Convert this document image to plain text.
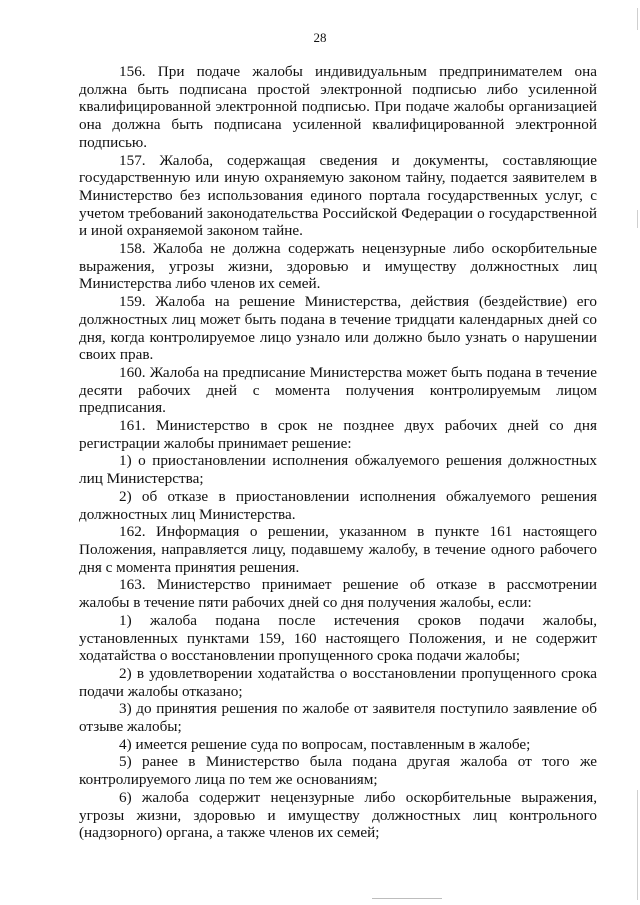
28

156. При подаче жалобы индивидуальным предпринимателем она должна быть подписана простой электронной подписью либо усиленной квалифицированной электронной подписью. При подаче жалобы организацией она должна быть подписана усиленной квалифицированной электронной подписью.

157. Жалоба, содержащая сведения и документы, составляющие государственную или иную охраняемую законом тайну, подается заявителем в Министерство без использования единого портала государственных услуг, с учетом требований законодательства Российской Федерации о государственной и иной охраняемой законом тайне.

158. Жалоба не должна содержать нецензурные либо оскорбительные выражения, угрозы жизни, здоровью и имуществу должностных лиц Министерства либо членов их семей.

159. Жалоба на решение Министерства, действия (бездействие) его должностных лиц может быть подана в течение тридцати календарных дней со дня, когда контролируемое лицо узнало или должно было узнать о нарушении своих прав.

160. Жалоба на предписание Министерства может быть подана в течение десяти рабочих дней с момента получения контролируемым лицом предписания.

161. Министерство в срок не позднее двух рабочих дней со дня регистрации жалобы принимает решение:

1) о приостановлении исполнения обжалуемого решения должностных лиц Министерства;

2) об отказе в приостановлении исполнения обжалуемого решения должностных лиц Министерства.

162. Информация о решении, указанном в пункте 161 настоящего Положения, направляется лицу, подавшему жалобу, в течение одного рабочего дня с момента принятия решения.

163. Министерство принимает решение об отказе в рассмотрении жалобы в течение пяти рабочих дней со дня получения жалобы, если:

1) жалоба подана после истечения сроков подачи жалобы, установленных пунктами 159, 160 настоящего Положения, и не содержит ходатайства о восстановлении пропущенного срока подачи жалобы;

2) в удовлетворении ходатайства о восстановлении пропущенного срока подачи жалобы отказано;

3) до принятия решения по жалобе от заявителя поступило заявление об отзыве жалобы;

4) имеется решение суда по вопросам, поставленным в жалобе;

5) ранее в Министерство была подана другая жалоба от того же контролируемого лица по тем же основаниям;

6) жалоба содержит нецензурные либо оскорбительные выражения, угрозы жизни, здоровью и имуществу должностных лиц контрольного (надзорного) органа, а также членов их семей;
